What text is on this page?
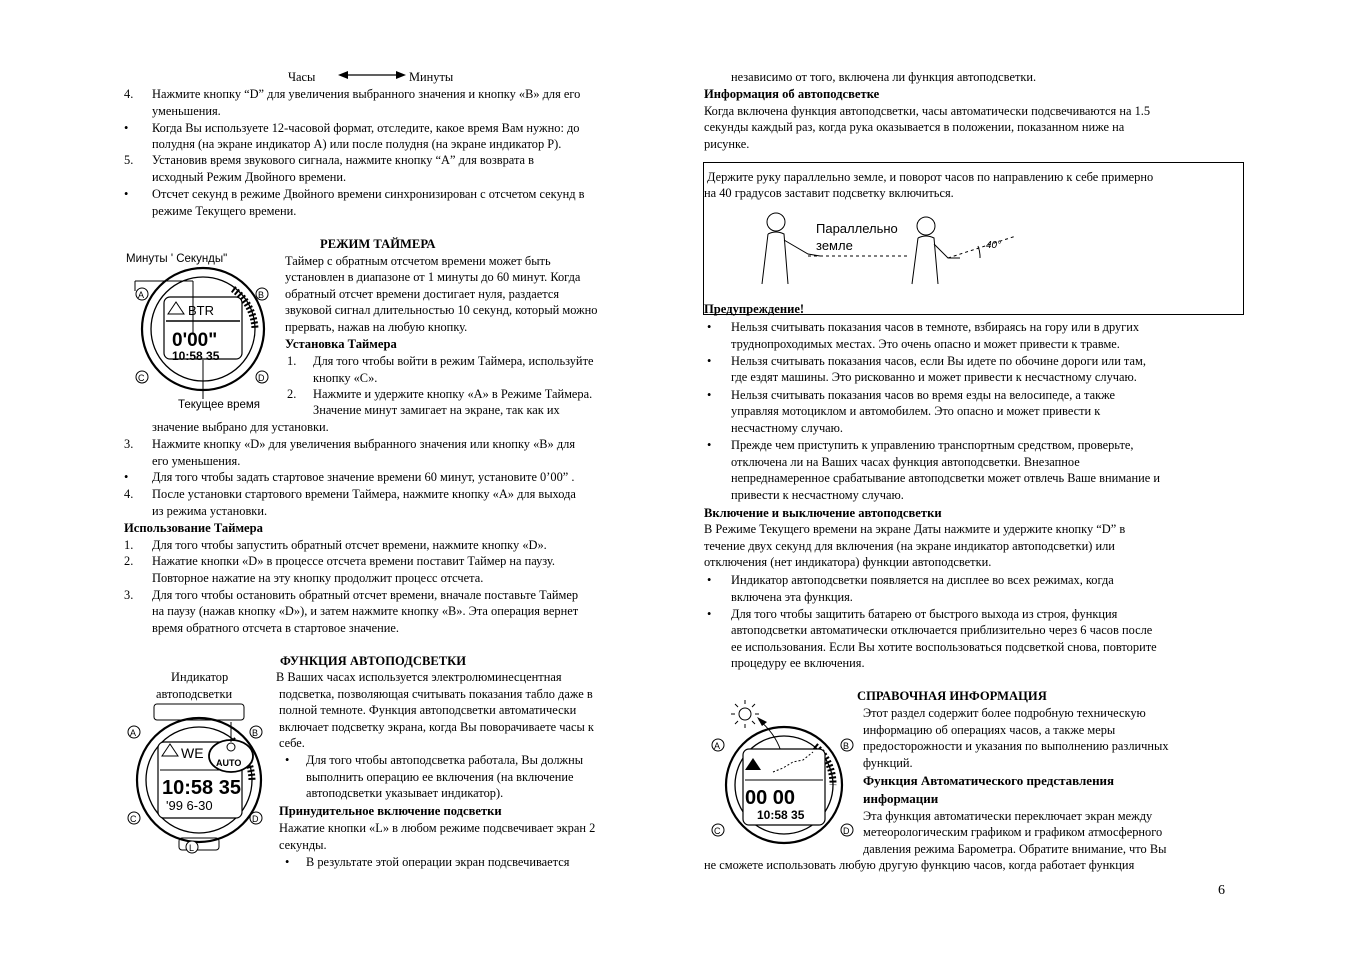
Часы	Минуты
4. Нажмите кнопку “D” для увеличения выбранного значения и кнопку «B» для его
уменьшения.
• Когда Вы используете 12-часовой формат, отследите, какое время Вам нужно: до
полудня (на экране индикатор A) или после полудня (на экране индикатор P).
5. Установив время звукового сигнала, нажмите кнопку “A” для возврата в
исходный Режим Двойного времени.
• Отсчет секунд в режиме Двойного времени синхронизирован с отсчетом секунд в
режиме Текущего времени.
РЕЖИМ ТАЙМЕРА
Минуты ' Секунды"
BTR
0'00"
10:58 35
A	B
C	D
Текущее время
Таймер с обратным отсчетом времени может быть
установлен в диапазоне от 1 минуты до 60 минут. Когда
обратный отсчет времени достигает нуля, раздается
звуковой сигнал длительностью 10 секунд, который можно
прервать, нажав на любую кнопку.
Установка Таймера
1. Для того чтобы войти в режим Таймера, используйте
кнопку «C».
2. Нажмите и удержите кнопку «A» в Режиме Таймера.
Значение минут замигает на экране, так как их
значение выбрано для установки.
3. Нажмите кнопку «D» для увеличения выбранного значения или кнопку «B» для
его уменьшения.
• Для того чтобы задать стартовое значение времени 60 минут, установите 0’00” .
4. После установки стартового времени Таймера, нажмите кнопку «A» для выхода
из режима установки.
Использование Таймера
1. Для того чтобы запустить обратный отсчет времени, нажмите кнопку «D».
2. Нажатие кнопки «D» в процессе отсчета времени поставит Таймер на паузу.
Повторное нажатие на эту кнопку продолжит процесс отсчета.
3. Для того чтобы остановить обратный отсчет времени, вначале поставьте Таймер
на паузу (нажав кнопку «D»), и затем нажмите кнопку «B». Эта операция вернет
время обратного отсчета в стартовое значение.
ФУНКЦИЯ АВТОПОДСВЕТКИ
Индикатор
автоподсветки
WE
10:58 35
'99 6-30
AUTO
A	B
C	D
L
В Ваших часах используется электролюминесцентная
подсветка, позволяющая считывать показания табло даже в
полной темноте. Функция автоподсветки автоматически
включает подсветку экрана, когда Вы поворачиваете часы к
себе.
• Для того чтобы автоподсветка работала, Вы должны
выполнить операцию ее включения (на включение
автоподсветки указывает индикатор).
Принудительное включение подсветки
Нажатие кнопки «L» в любом режиме подсвечивает экран 2
секунды.
• В результате этой операции экран подсвечивается
независимо от того, включена ли функция автоподсветки.
Информация об автоподсветке
Когда включена функция автоподсветки, часы автоматически подсвечиваются на 1.5
секунды каждый раз, когда рука оказывается в положении, показанном ниже на
рисунке.
Держите руку параллельно земле, и поворот часов по направлению к себе примерно
на 40 градусов заставит подсветку включиться.
40°
Параллельно
земле
Предупреждение!
• Нельзя считывать показания часов в темноте, взбираясь на гору или в других
труднопроходимых местах. Это очень опасно и может привести к травме.
• Нельзя считывать показания часов, если Вы идете по обочине дороги или там,
где ездят машины. Это рискованно и может привести к несчастному случаю.
• Нельзя считывать показания часов во время езды на велосипеде, а также
управляя мотоциклом и автомобилем. Это опасно и может привести к
несчастному случаю.
• Прежде чем приступить к управлению транспортным средством, проверьте,
отключена ли на Ваших часах функция автоподсветки. Внезапное
непреднамеренное срабатывание автоподсветки может отвлечь Ваше внимание и
привести к несчастному случаю.
Включение и выключение автоподсветки
В Режиме Текущего времени на экране Даты нажмите и удержите кнопку “D” в
течение двух секунд для включения (на экране индикатор автоподсветки) или
отключения (нет индикатора) функции автоподсветки.
• Индикатор автоподсветки появляется на дисплее во всех режимах, когда
включена эта функция.
• Для того чтобы защитить батарею от быстрого выхода из строя, функция
автоподсветки автоматически отключается приблизительно через 6 часов после
ее использования. Если Вы хотите воспользоваться подсветкой снова, повторите
процедуру ее включения.
СПРАВОЧНАЯ ИНФОРМАЦИЯ
00 00
10:58 35
A	B
C	D
Этот раздел содержит более подробную техническую
информацию об операциях часов, а также меры
предосторожности и указания по выполнению различных
функций.
Функция Автоматического представления
информации
Эта функция автоматически переключает экран между
метеорологическим графиком и графиком атмосферного
давления режима Барометра. Обратите внимание, что Вы
не сможете использовать любую другую функцию часов, когда работает функция
6
